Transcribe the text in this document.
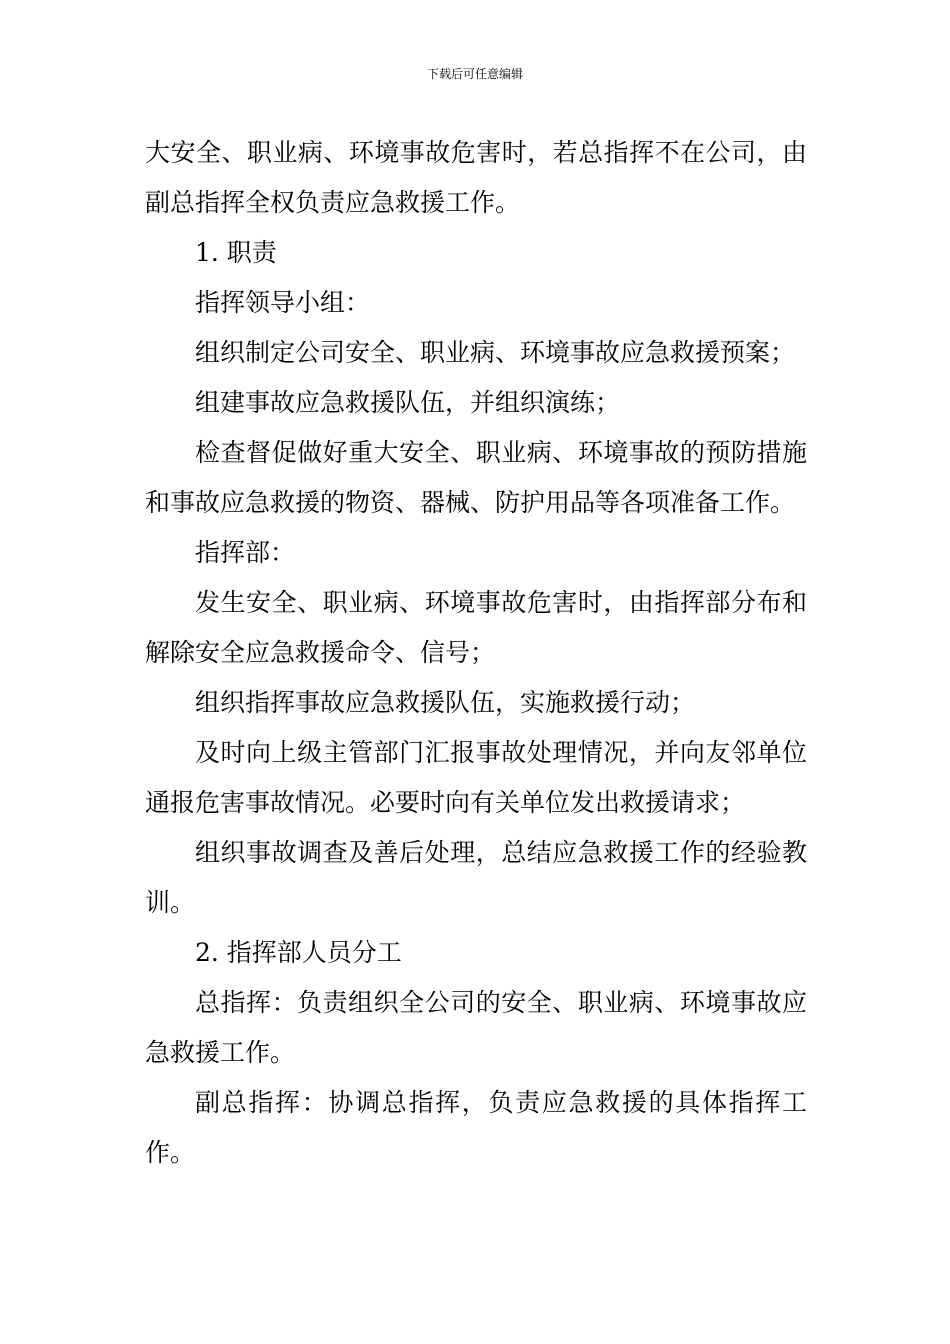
下载后可任意编辑

大安全、职业病、环境事故危害时，若总指挥不在公司，由副总指挥全权负责应急救援工作。

1. 职责

指挥领导小组：

组织制定公司安全、职业病、环境事故应急救援预案；

组建事故应急救援队伍，并组织演练；

检查督促做好重大安全、职业病、环境事故的预防措施和事故应急救援的物资、器械、防护用品等各项准备工作。

指挥部：

发生安全、职业病、环境事故危害时，由指挥部分布和解除安全应急救援命令、信号；

组织指挥事故应急救援队伍，实施救援行动；

及时向上级主管部门汇报事故处理情况，并向友邻单位通报危害事故情况。必要时向有关单位发出救援请求；

组织事故调查及善后处理，总结应急救援工作的经验教训。

2. 指挥部人员分工

总指挥：负责组织全公司的安全、职业病、环境事故应急救援工作。

副总指挥：协调总指挥，负责应急救援的具体指挥工作。
